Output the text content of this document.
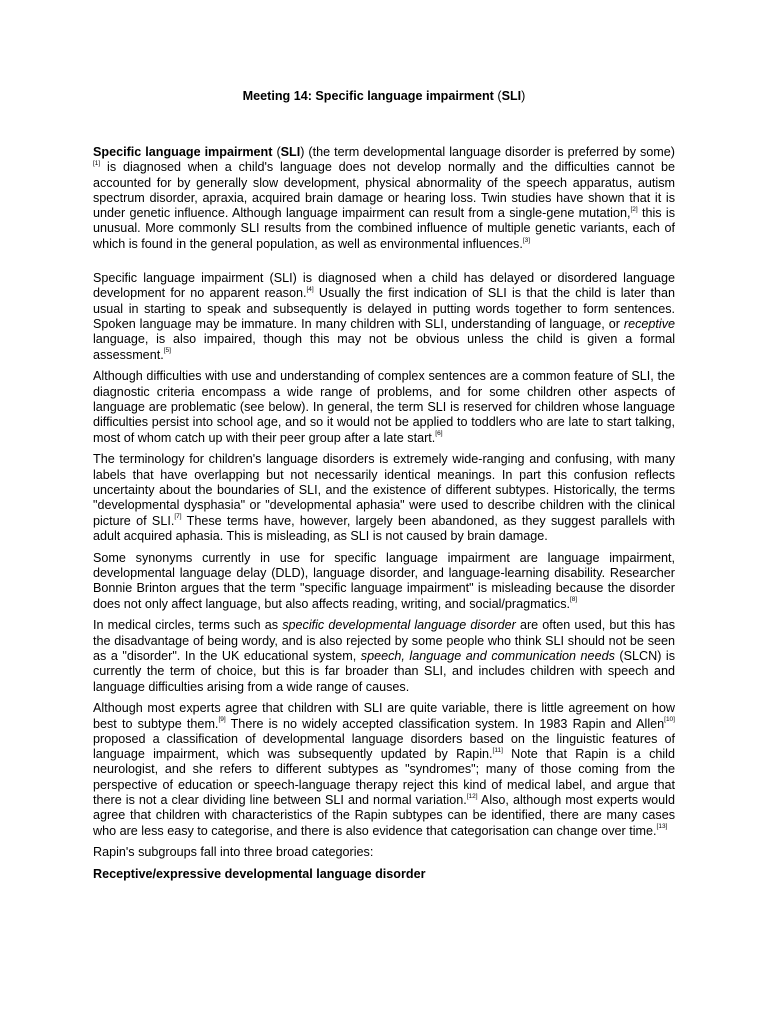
Meeting 14: Specific language impairment (SLI)

Specific language impairment (SLI) (the term developmental language disorder is preferred by some)[1] is diagnosed when a child's language does not develop normally and the difficulties cannot be accounted for by generally slow development, physical abnormality of the speech apparatus, autism spectrum disorder, apraxia, acquired brain damage or hearing loss. Twin studies have shown that it is under genetic influence. Although language impairment can result from a single-gene mutation,[2] this is unusual. More commonly SLI results from the combined influence of multiple genetic variants, each of which is found in the general population, as well as environmental influences.[3]

Specific language impairment (SLI) is diagnosed when a child has delayed or disordered language development for no apparent reason.[4] Usually the first indication of SLI is that the child is later than usual in starting to speak and subsequently is delayed in putting words together to form sentences. Spoken language may be immature. In many children with SLI, understanding of language, or receptive language, is also impaired, though this may not be obvious unless the child is given a formal assessment.[5]

Although difficulties with use and understanding of complex sentences are a common feature of SLI, the diagnostic criteria encompass a wide range of problems, and for some children other aspects of language are problematic (see below). In general, the term SLI is reserved for children whose language difficulties persist into school age, and so it would not be applied to toddlers who are late to start talking, most of whom catch up with their peer group after a late start.[6]

The terminology for children's language disorders is extremely wide-ranging and confusing, with many labels that have overlapping but not necessarily identical meanings. In part this confusion reflects uncertainty about the boundaries of SLI, and the existence of different subtypes. Historically, the terms "developmental dysphasia" or "developmental aphasia" were used to describe children with the clinical picture of SLI.[7] These terms have, however, largely been abandoned, as they suggest parallels with adult acquired aphasia. This is misleading, as SLI is not caused by brain damage.

Some synonyms currently in use for specific language impairment are language impairment, developmental language delay (DLD), language disorder, and language-learning disability. Researcher Bonnie Brinton argues that the term "specific language impairment" is misleading because the disorder does not only affect language, but also affects reading, writing, and social/pragmatics.[8]

In medical circles, terms such as specific developmental language disorder are often used, but this has the disadvantage of being wordy, and is also rejected by some people who think SLI should not be seen as a "disorder". In the UK educational system, speech, language and communication needs (SLCN) is currently the term of choice, but this is far broader than SLI, and includes children with speech and language difficulties arising from a wide range of causes.

Although most experts agree that children with SLI are quite variable, there is little agreement on how best to subtype them.[9] There is no widely accepted classification system. In 1983 Rapin and Allen[10] proposed a classification of developmental language disorders based on the linguistic features of language impairment, which was subsequently updated by Rapin.[11] Note that Rapin is a child neurologist, and she refers to different subtypes as "syndromes"; many of those coming from the perspective of education or speech-language therapy reject this kind of medical label, and argue that there is not a clear dividing line between SLI and normal variation.[12] Also, although most experts would agree that children with characteristics of the Rapin subtypes can be identified, there are many cases who are less easy to categorise, and there is also evidence that categorisation can change over time.[13]

Rapin's subgroups fall into three broad categories:

Receptive/expressive developmental language disorder
